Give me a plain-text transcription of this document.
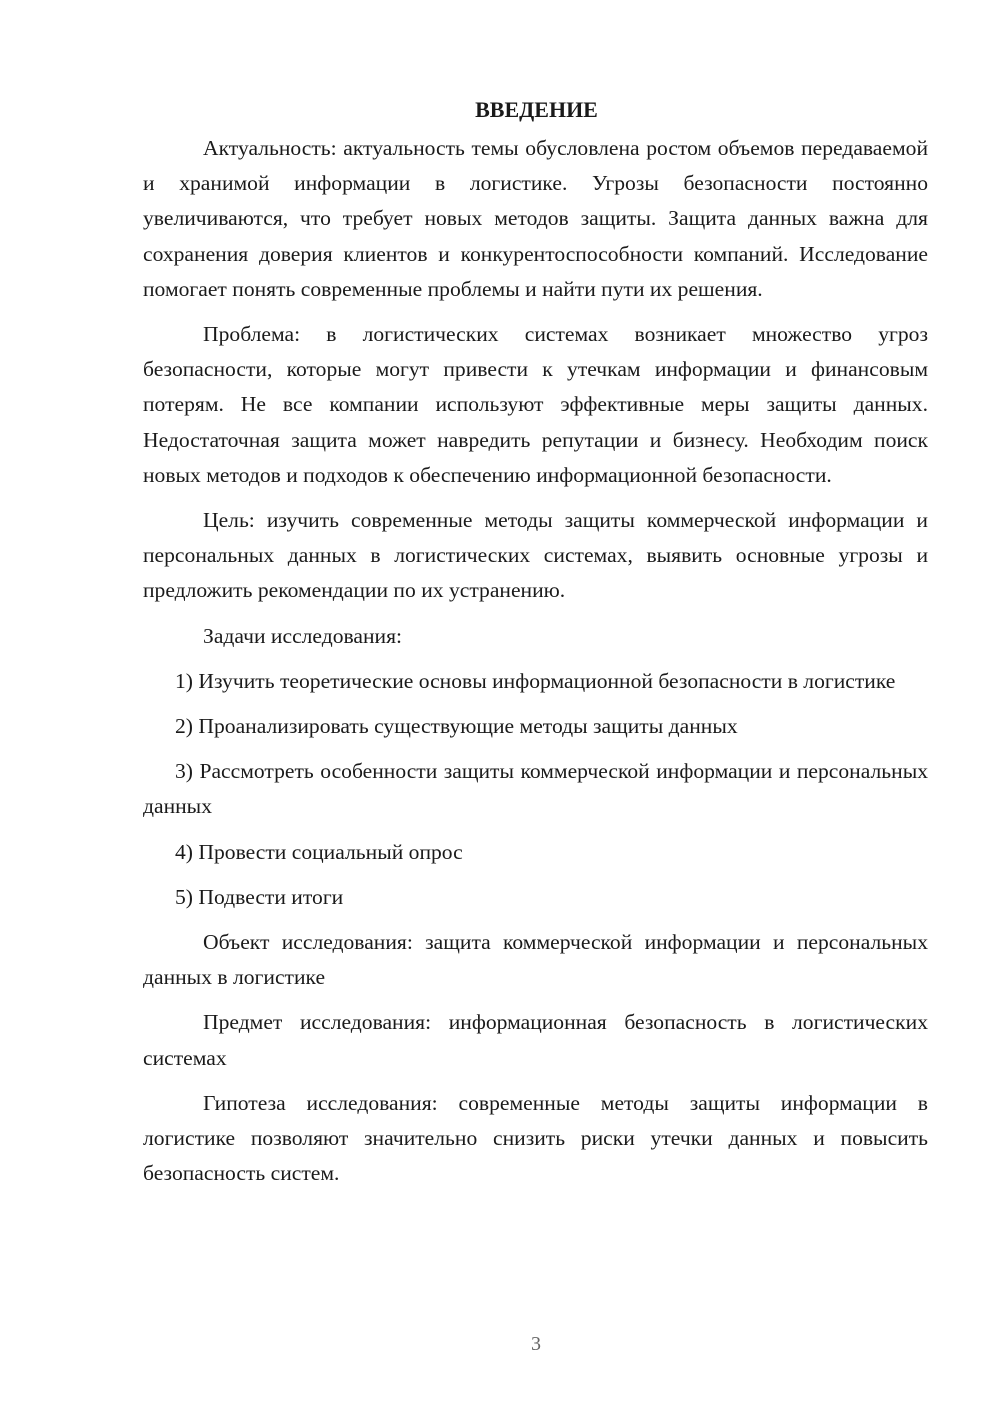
ВВЕДЕНИЕ

Актуальность: актуальность темы обусловлена ростом объемов передаваемой и хранимой информации в логистике. Угрозы безопасности постоянно увеличиваются, что требует новых методов защиты. Защита данных важна для сохранения доверия клиентов и конкурентоспособности компаний. Исследование помогает понять современные проблемы и найти пути их решения.

Проблема: в логистических системах возникает множество угроз безопасности, которые могут привести к утечкам информации и финансовым потерям. Не все компании используют эффективные меры защиты данных. Недостаточная защита может навредить репутации и бизнесу. Необходим поиск новых методов и подходов к обеспечению информационной безопасности.

Цель: изучить современные методы защиты коммерческой информации и персональных данных в логистических системах, выявить основные угрозы и предложить рекомендации по их устранению.

Задачи исследования:

1) Изучить теоретические основы информационной безопасности в логистике

2) Проанализировать существующие методы защиты данных

3) Рассмотреть особенности защиты коммерческой информации и персональных данных

4) Провести социальный опрос

5) Подвести итоги

Объект исследования: защита коммерческой информации и персональных данных в логистике

Предмет исследования: информационная безопасность в логистических системах

Гипотеза исследования: современные методы защиты информации в логистике позволяют значительно снизить риски утечки данных и повысить безопасность систем.

3
